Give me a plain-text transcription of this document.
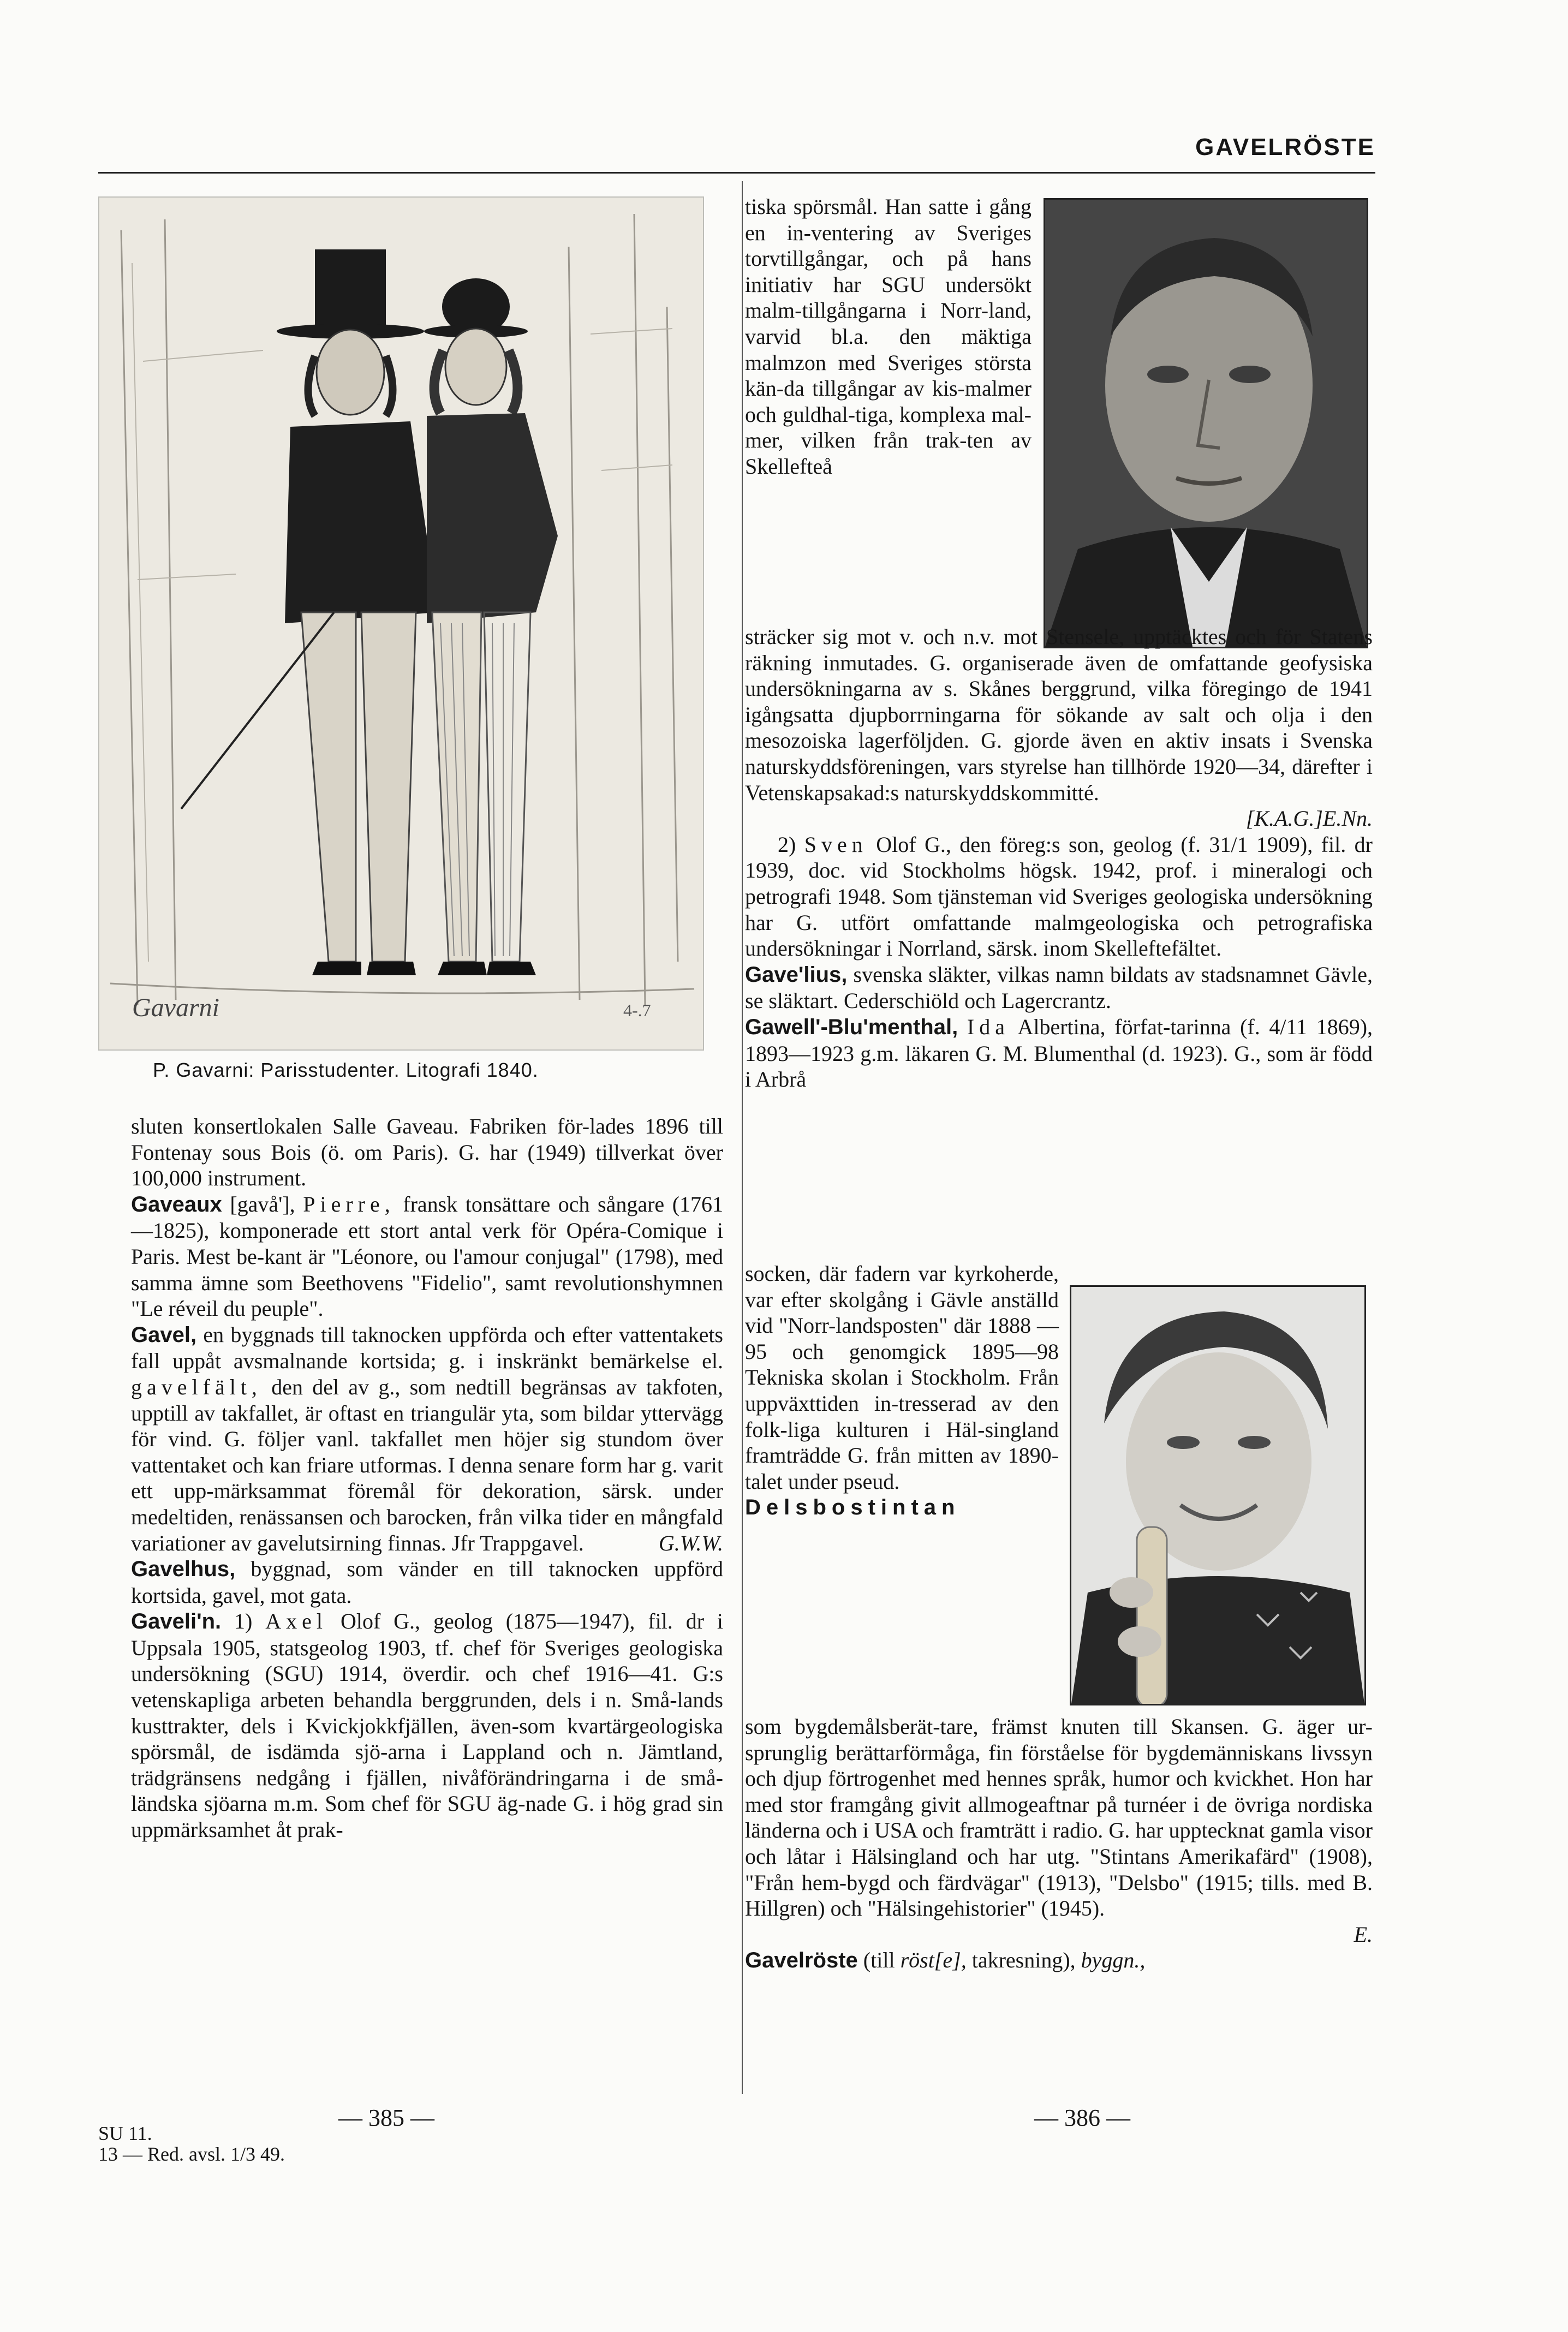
GAVELRÖSTE
Gavarni	4-.7
P. Gavarni: Parisstudenter. Litografi 1840.

sluten konsertlokalen Salle Gaveau. Fabriken för-lades 1896 till Fontenay sous Bois (ö. om Paris). G. har (1949) tillverkat över 100,000 instrument.

Gaveaux [gavå'], Pierre, fransk tonsättare och sångare (1761—1825), komponerade ett stort antal verk för Opéra-Comique i Paris. Mest be-kant är "Léonore, ou l'amour conjugal" (1798), med samma ämne som Beethovens "Fidelio", samt revolutionshymnen "Le réveil du peuple".

Gavel, en byggnads till taknocken uppförda och efter vattentakets fall uppåt avsmalnande kortsida; g. i inskränkt bemärkelse el. gavelfält, den del av g., som nedtill begränsas av takfoten, upptill av takfallet, är oftast en triangulär yta, som bildar yttervägg för vind. G. följer vanl. takfallet men höjer sig stundom över vattentaket och kan friare utformas. I denna senare form har g. varit ett upp-märksammat föremål för dekoration, särsk. under medeltiden, renässansen och barocken, från vilka tider en mångfald variationer av gavelutsirning finnas. Jfr Trappgavel.	G.W.W.

Gavelhus, byggnad, som vänder en till taknocken uppförd kortsida, gavel, mot gata.

Gaveli'n. 1) Axel Olof G., geolog (1875—1947), fil. dr i Uppsala 1905, statsgeolog 1903, tf. chef för Sveriges geologiska undersökning (SGU) 1914, överdir. och chef 1916—41. G:s vetenskapliga arbeten behandla berggrunden, dels i n. Små-lands kusttrakter, dels i Kvickjokkfjällen, även-som kvartärgeologiska spörsmål, de isdämda sjö-arna i Lappland och n. Jämtland, trädgränsens nedgång i fjällen, nivåförändringarna i de små-ländska sjöarna m.m. Som chef för SGU äg-nade G. i hög grad sin uppmärksamhet åt prak-

tiska spörsmål. Han satte i gång en in-ventering av Sveriges torvtillgångar, och på hans initiativ har SGU undersökt malm-tillgångarna i Norr-land, varvid bl.a. den mäktiga malmzon med Sveriges största kän-da tillgångar av kis-malmer och guldhal-tiga, komplexa mal-mer, vilken från trak-ten av Skellefteå

sträcker sig mot v. och n.v. mot Stensele, upptäcktes och för Statens räkning inmutades. G. organiserade även de omfattande geofysiska undersökningarna av s. Skånes berggrund, vilka föregingo de 1941 igångsatta djupborrningarna för sökande av salt och olja i den mesozoiska lagerföljden. G. gjorde även en aktiv insats i Svenska naturskyddsföreningen, vars styrelse han tillhörde 1920—34, därefter i Vetenskapsakad:s naturskyddskommitté.

[K.A.G.]E.Nn.

2) Sven Olof G., den föreg:s son, geolog (f. 31/1 1909), fil. dr 1939, doc. vid Stockholms högsk. 1942, prof. i mineralogi och petrografi 1948. Som tjänsteman vid Sveriges geologiska undersökning har G. utfört omfattande malmgeologiska och petrografiska undersökningar i Norrland, särsk. inom Skelleftefältet.

Gave'lius, svenska släkter, vilkas namn bildats av stadsnamnet Gävle, se släktart. Cederschiöld och Lagercrantz.

Gawell'-Blu'menthal, Ida Albertina, förfat-tarinna (f. 4/11 1869), 1893—1923 g.m. läkaren G. M. Blumenthal (d. 1923). G., som är född i Arbrå

socken, där fadern var kyrkoherde, var efter skolgång i Gävle anställd vid "Norr-landsposten" där 1888 —95 och genomgick 1895—98 Tekniska skolan i Stockholm. Från uppväxttiden in-tresserad av den folk-liga kulturen i Häl-singland framträdde G. från mitten av 1890-talet under pseud.

Delsbostintan

som bygdemålsberät-tare, främst knuten till Skansen. G. äger ur-sprunglig berättarförmåga, fin förståelse för bygdemänniskans livssyn och djup förtrogenhet med hennes språk, humor och kvickhet. Hon har med stor framgång givit allmogeaftnar på turnéer i de övriga nordiska länderna och i USA och framträtt i radio. G. har upptecknat gamla visor och låtar i Hälsingland och har utg. "Stintans Amerikafärd" (1908), "Från hem-bygd och färdvägar" (1913), "Delsbo" (1915; tills. med B. Hillgren) och "Hälsingehistorier" (1945).

E.

Gavelröste (till röst[e], takresning), byggn.,

SU 11.
13 — Red. avsl. 1/3 49.
— 385 —	— 386 —
